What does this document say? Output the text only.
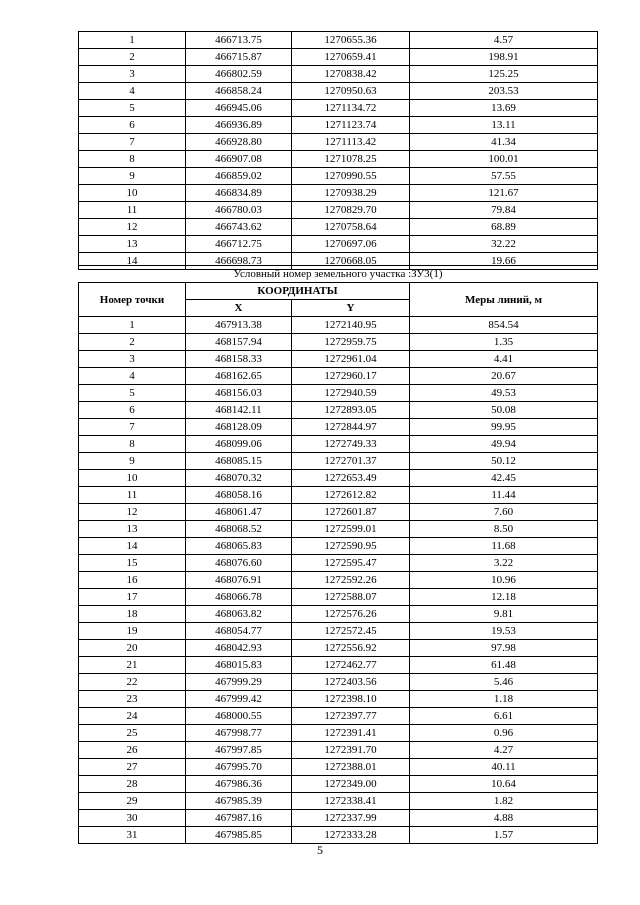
1	466713.75	1270655.36	4.57
2	466715.87	1270659.41	198.91
3	466802.59	1270838.42	125.25
4	466858.24	1270950.63	203.53
5	466945.06	1271134.72	13.69
6	466936.89	1271123.74	13.11
7	466928.80	1271113.42	41.34
8	466907.08	1271078.25	100.01
9	466859.02	1270990.55	57.55
10	466834.89	1270938.29	121.67
11	466780.03	1270829.70	79.84
12	466743.62	1270758.64	68.89
13	466712.75	1270697.06	32.22
14	466698.73	1270668.05	19.66
Условный номер земельного участка :ЗУ3(1)			
Номер точки	КООРДИНАТЫ		Меры линий, м
	X	Y	
1	467913.38	1272140.95	854.54
2	468157.94	1272959.75	1.35
3	468158.33	1272961.04	4.41
4	468162.65	1272960.17	20.67
5	468156.03	1272940.59	49.53
6	468142.11	1272893.05	50.08
7	468128.09	1272844.97	99.95
8	468099.06	1272749.33	49.94
9	468085.15	1272701.37	50.12
10	468070.32	1272653.49	42.45
11	468058.16	1272612.82	11.44
12	468061.47	1272601.87	7.60
13	468068.52	1272599.01	8.50
14	468065.83	1272590.95	11.68
15	468076.60	1272595.47	3.22
16	468076.91	1272592.26	10.96
17	468066.78	1272588.07	12.18
18	468063.82	1272576.26	9.81
19	468054.77	1272572.45	19.53
20	468042.93	1272556.92	97.98
21	468015.83	1272462.77	61.48
22	467999.29	1272403.56	5.46
23	467999.42	1272398.10	1.18
24	468000.55	1272397.77	6.61
25	467998.77	1272391.41	0.96
26	467997.85	1272391.70	4.27
27	467995.70	1272388.01	40.11
28	467986.36	1272349.00	10.64
29	467985.39	1272338.41	1.82
30	467987.16	1272337.99	4.88
31	467985.85	1272333.28	1.57
5
